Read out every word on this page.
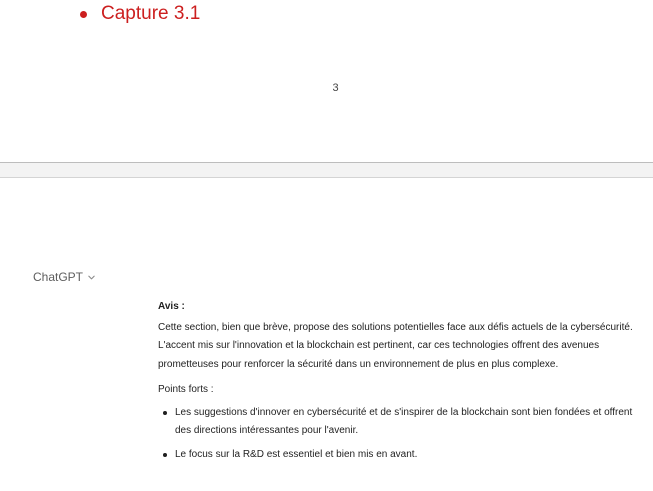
Capture 3.1
3
ChatGPT

Avis :

Cette section, bien que brève, propose des solutions potentielles face aux défis actuels de la cybersécurité. L'accent mis sur l'innovation et la blockchain est pertinent, car ces technologies offrent des avenues prometteuses pour renforcer la sécurité dans un environnement de plus en plus complexe.

Points forts :

Les suggestions d'innover en cybersécurité et de s'inspirer de la blockchain sont bien fondées et offrent des directions intéressantes pour l'avenir.
Le focus sur la R&D est essentiel et bien mis en avant.
